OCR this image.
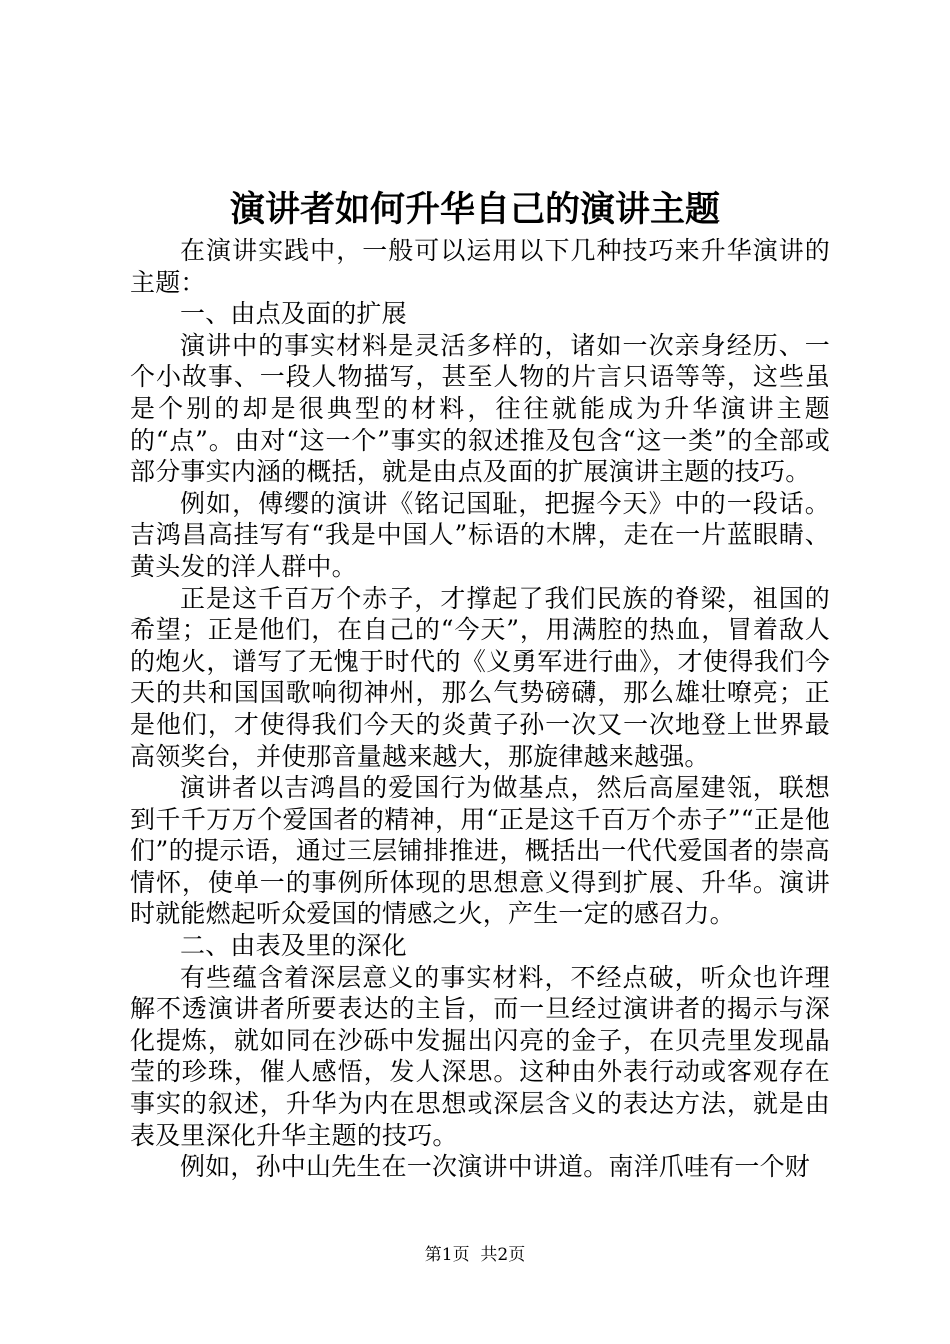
演讲者如何升华自己的演讲主题

在演讲实践中，一般可以运用以下几种技巧来升华演讲的主题：

一、由点及面的扩展

演讲中的事实材料是灵活多样的，诸如一次亲身经历、一个小故事、一段人物描写，甚至人物的片言只语等等，这些虽是个别的却是很典型的材料，往往就能成为升华演讲主题的“点”。由对“这一个”事实的叙述推及包含“这一类”的全部或部分事实内涵的概括，就是由点及面的扩展演讲主题的技巧。

例如，傅缨的演讲《铭记国耻，把握今天》中的一段话。吉鸿昌高挂写有“我是中国人”标语的木牌，走在一片蓝眼睛、黄头发的洋人群中。

正是这千百万个赤子，才撑起了我们民族的脊梁，祖国的希望；正是他们，在自己的“今天”，用满腔的热血，冒着敌人的炮火，谱写了无愧于时代的《义勇军进行曲》，才使得我们今天的共和国国歌响彻神州，那么气势磅礴，那么雄壮嘹亮；正是他们，才使得我们今天的炎黄子孙一次又一次地登上世界最高领奖台，并使那音量越来越大，那旋律越来越强。

演讲者以吉鸿昌的爱国行为做基点，然后高屋建瓴，联想到千千万万个爱国者的精神，用“正是这千百万个赤子”“正是他们”的提示语，通过三层铺排推进，概括出一代代爱国者的崇高情怀，使单一的事例所体现的思想意义得到扩展、升华。演讲时就能燃起听众爱国的情感之火，产生一定的感召力。

二、由表及里的深化

有些蕴含着深层意义的事实材料，不经点破，听众也许理解不透演讲者所要表达的主旨，而一旦经过演讲者的揭示与深化提炼，就如同在沙砾中发掘出闪亮的金子，在贝壳里发现晶莹的珍珠，催人感悟，发人深思。这种由外表行动或客观存在事实的叙述，升华为内在思想或深层含义的表达方法，就是由表及里深化升华主题的技巧。

例如，孙中山先生在一次演讲中讲道。南洋爪哇有一个财

第1页  共2页
